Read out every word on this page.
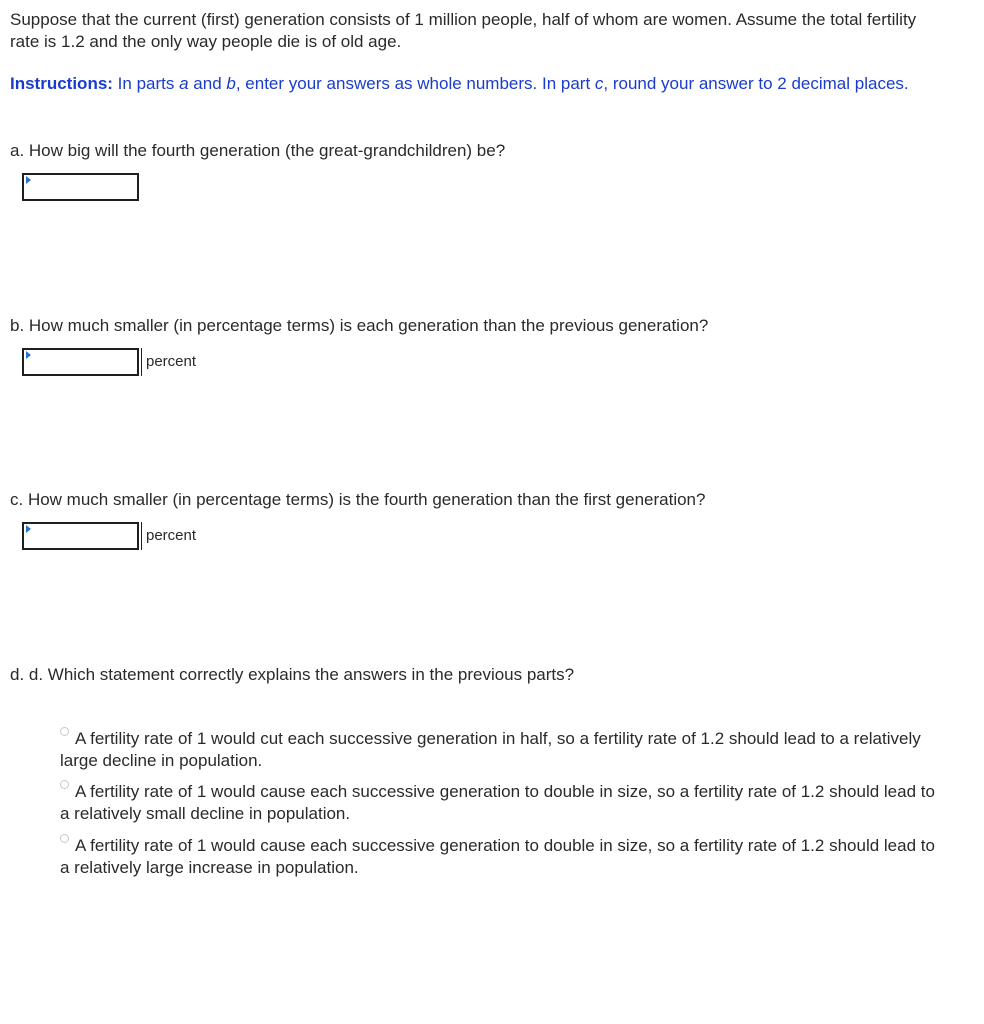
Suppose that the current (first) generation consists of 1 million people, half of whom are women. Assume the total fertility rate is 1.2 and the only way people die is of old age.
Instructions: In parts a and b, enter your answers as whole numbers. In part c, round your answer to 2 decimal places.
a. How big will the fourth generation (the great-grandchildren) be?
b. How much smaller (in percentage terms) is each generation than the previous generation?
percent
c. How much smaller (in percentage terms) is the fourth generation than the first generation?
percent
d. d. Which statement correctly explains the answers in the previous parts?
A fertility rate of 1 would cut each successive generation in half, so a fertility rate of 1.2 should lead to a relatively large decline in population.
A fertility rate of 1 would cause each successive generation to double in size, so a fertility rate of 1.2 should lead to a relatively small decline in population.
A fertility rate of 1 would cause each successive generation to double in size, so a fertility rate of 1.2 should lead to a relatively large increase in population.
